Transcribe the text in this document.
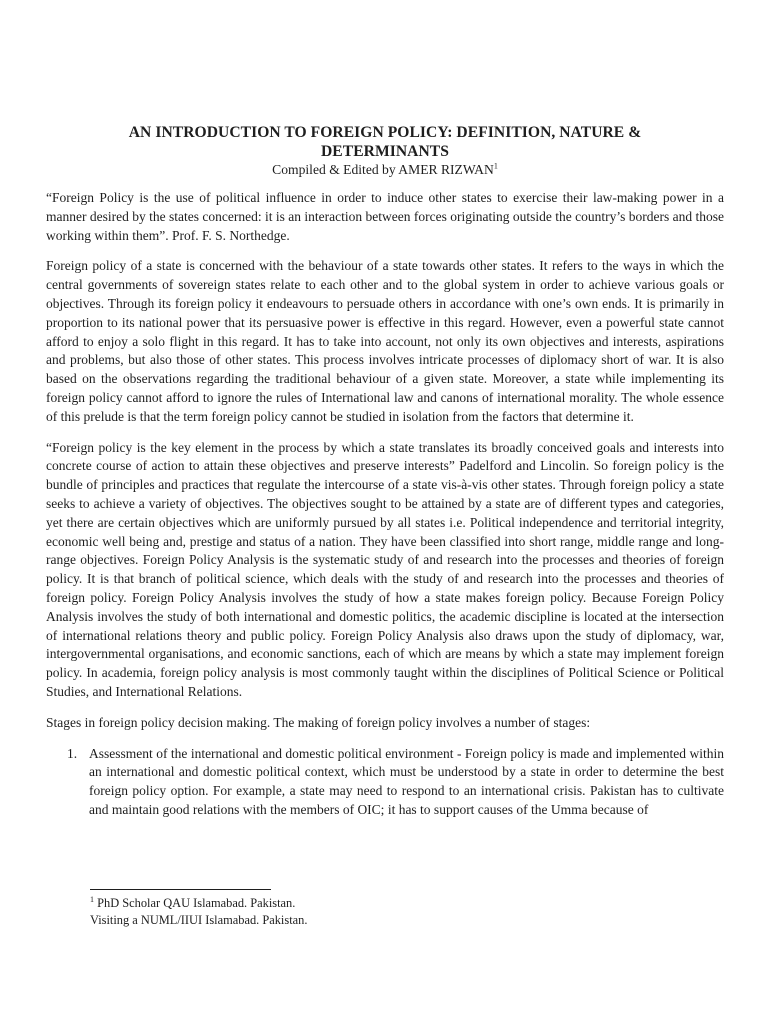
AN INTRODUCTION TO FOREIGN POLICY: DEFINITION, NATURE &
DETERMINANTS
Compiled & Edited by AMER RIZWAN$^1$

“Foreign Policy is the use of political influence in order to induce other states to exercise their law-making power in a manner desired by the states concerned: it is an interaction between forces originating outside the country’s borders and those working within them”. Prof. F. S. Northedge.

Foreign policy of a state is concerned with the behaviour of a state towards other states. It refers to the ways in which the central governments of sovereign states relate to each other and to the global system in order to achieve various goals or objectives. Through its foreign policy it endeavours to persuade others in accordance with one’s own ends. It is primarily in proportion to its national power that its persuasive power is effective in this regard. However, even a powerful state cannot afford to enjoy a solo flight in this regard. It has to take into account, not only its own objectives and interests, aspirations and problems, but also those of other states. This process involves intricate processes of diplomacy short of war. It is also based on the observations regarding the traditional behaviour of a given state. Moreover, a state while implementing its foreign policy cannot afford to ignore the rules of International law and canons of international morality. The whole essence of this prelude is that the term foreign policy cannot be studied in isolation from the factors that determine it.

“Foreign policy is the key element in the process by which a state translates its broadly conceived goals and interests into concrete course of action to attain these objectives and preserve interests” Padelford and Lincolin. So foreign policy is the bundle of principles and practices that regulate the intercourse of a state vis-à-vis other states. Through foreign policy a state seeks to achieve a variety of objectives. The objectives sought to be attained by a state are of different types and categories, yet there are certain objectives which are uniformly pursued by all states i.e. Political independence and territorial integrity, economic well being and, prestige and status of a nation. They have been classified into short range, middle range and long-range objectives. Foreign Policy Analysis is the systematic study of and research into the processes and theories of foreign policy. It is that branch of political science, which deals with the study of and research into the processes and theories of foreign policy. Foreign Policy Analysis involves the study of how a state makes foreign policy. Because Foreign Policy Analysis involves the study of both international and domestic politics, the academic discipline is located at the intersection of international relations theory and public policy. Foreign Policy Analysis also draws upon the study of diplomacy, war, intergovernmental organisations, and economic sanctions, each of which are means by which a state may implement foreign policy. In academia, foreign policy analysis is most commonly taught within the disciplines of Political Science or Political Studies, and International Relations.

Stages in foreign policy decision making. The making of foreign policy involves a number of stages:

1. Assessment of the international and domestic political environment - Foreign policy is made and implemented within an international and domestic political context, which must be understood by a state in order to determine the best foreign policy option. For example, a state may need to respond to an international crisis. Pakistan has to cultivate and maintain good relations with the members of OIC; it has to support causes of the Umma because of
$^1$ PhD Scholar QAU Islamabad. Pakistan.
Visiting a NUML/IIUI Islamabad. Pakistan.
